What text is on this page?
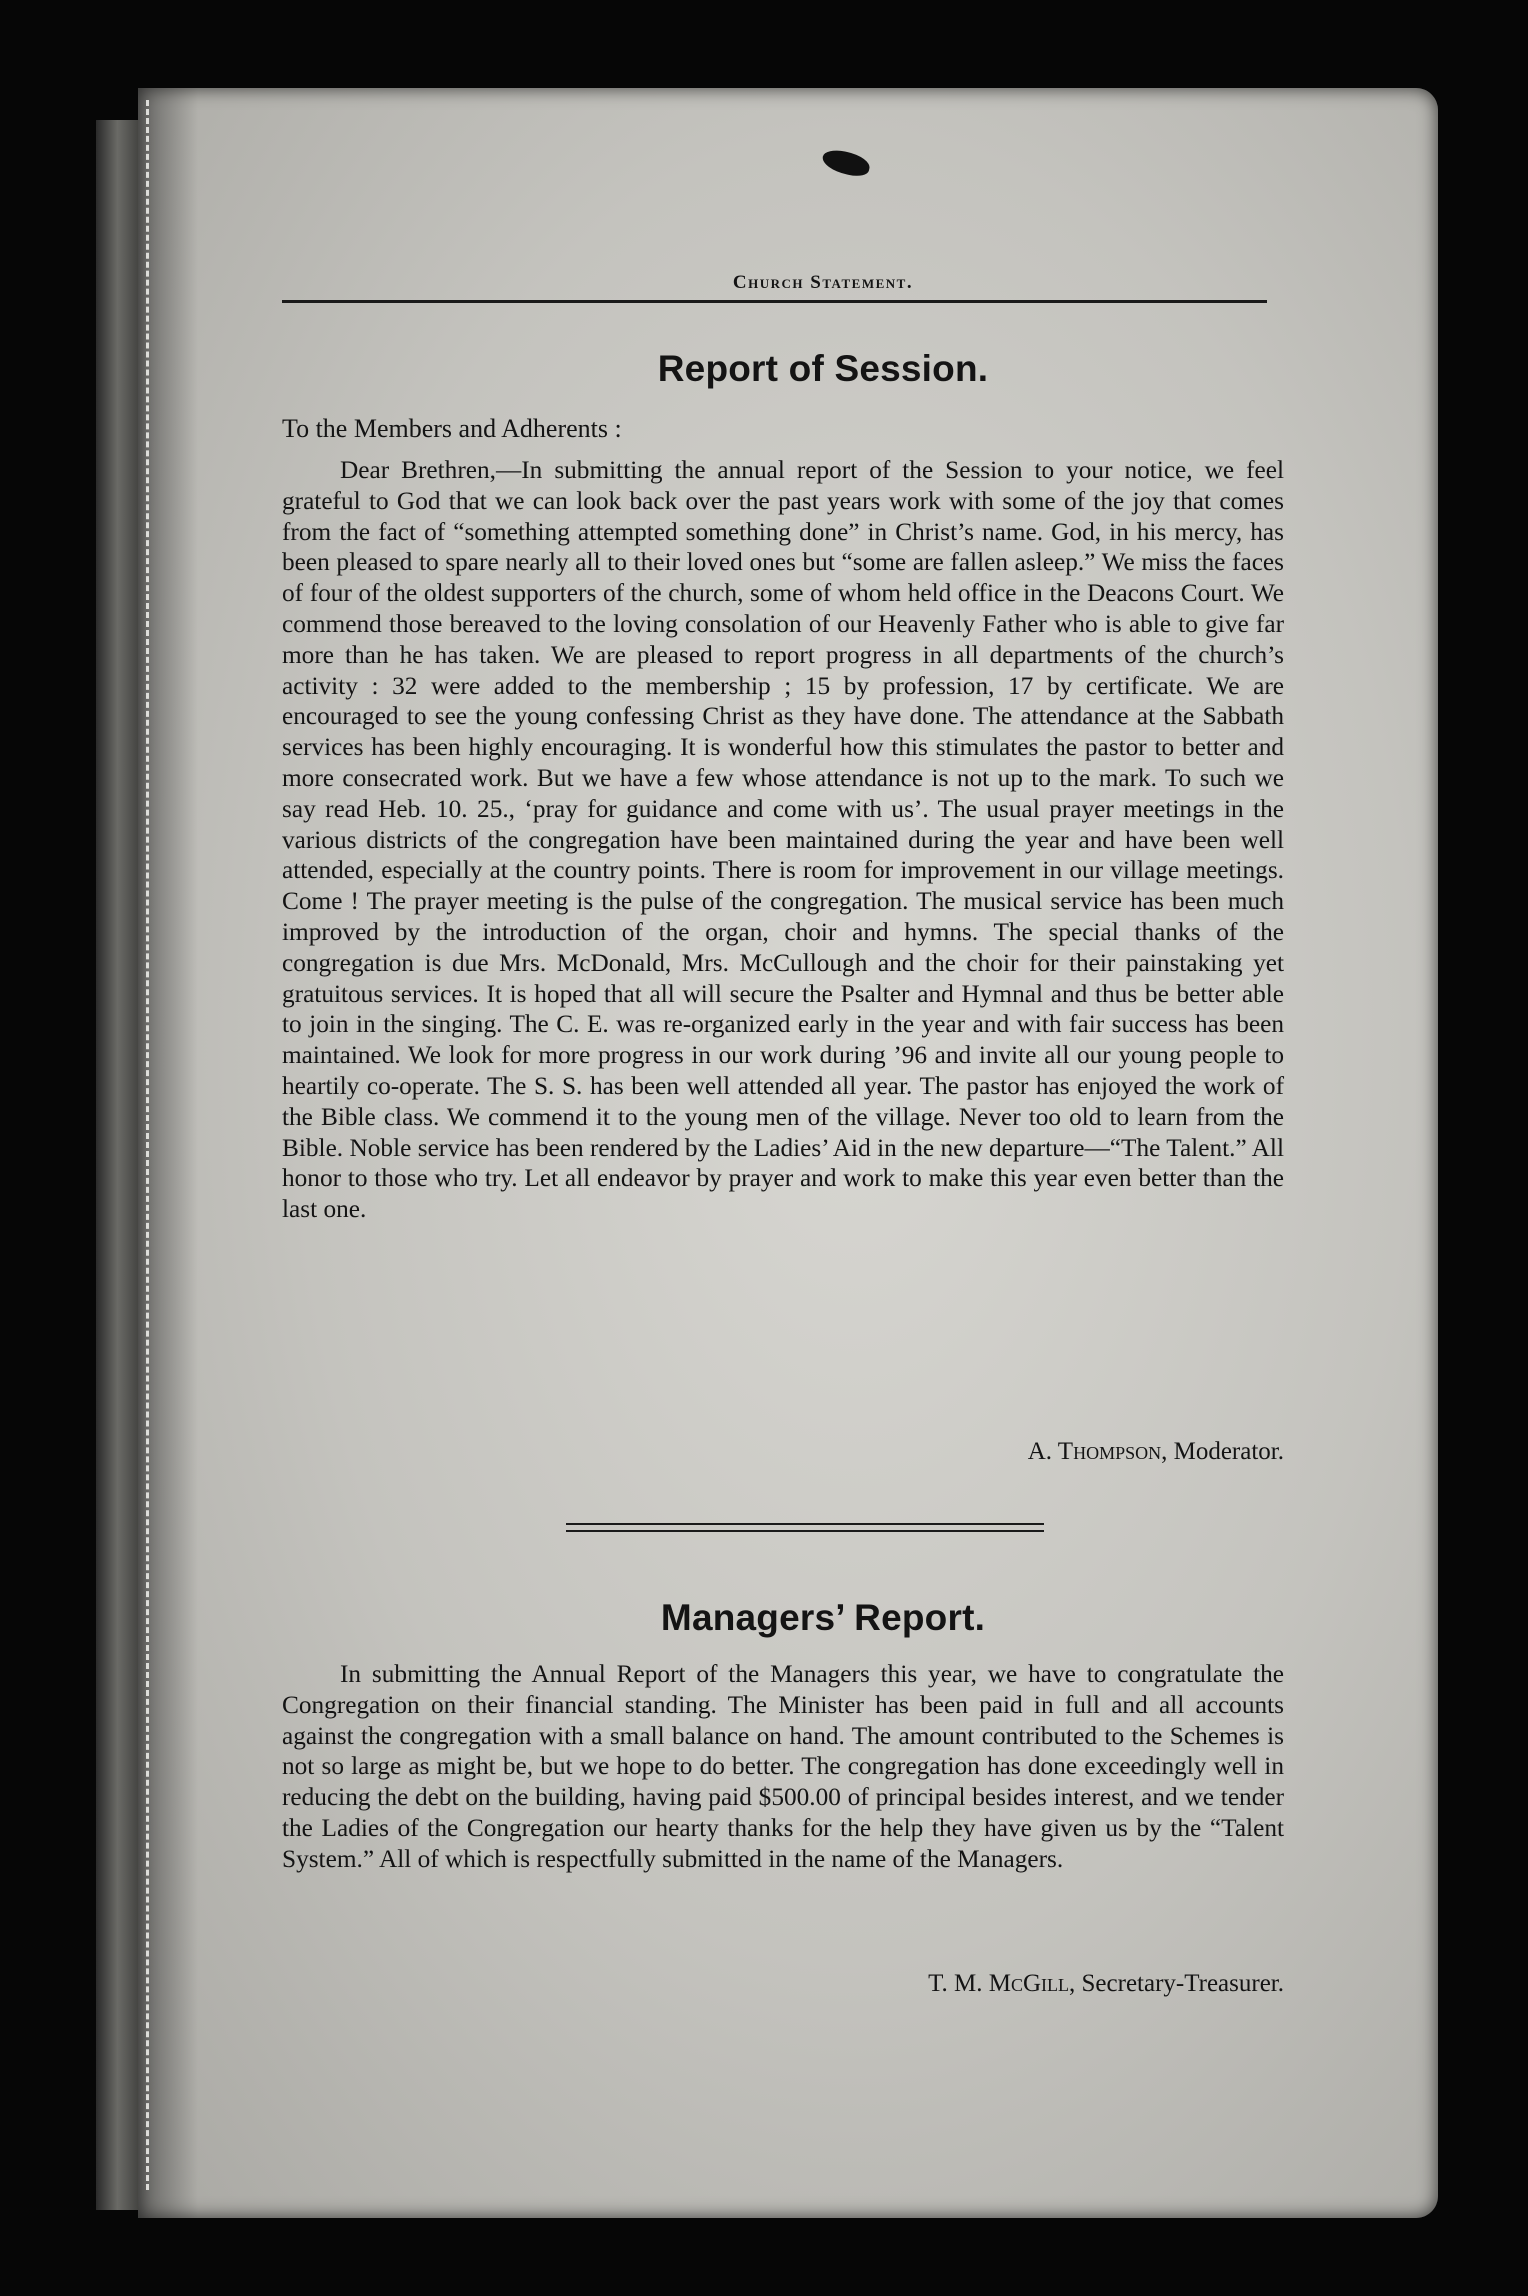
Church Statement.
Report of Session.
To the Members and Adherents :
Dear Brethren,—In submitting the annual report of the Session to your notice, we feel grateful to God that we can look back over the past years work with some of the joy that comes from the fact of “something attempted something done” in Christ’s name. God, in his mercy, has been pleased to spare nearly all to their loved ones but “some are fallen asleep.” We miss the faces of four of the oldest supporters of the church, some of whom held office in the Deacons Court. We commend those bereaved to the loving consolation of our Heavenly Father who is able to give far more than he has taken. We are pleased to report progress in all departments of the church’s activity : 32 were added to the membership ; 15 by profession, 17 by certificate. We are encouraged to see the young confessing Christ as they have done. The attendance at the Sabbath services has been highly encouraging. It is wonderful how this stimulates the pastor to better and more consecrated work. But we have a few whose attendance is not up to the mark. To such we say read Heb. 10. 25., ‘pray for guidance and come with us’. The usual prayer meetings in the various districts of the congregation have been maintained during the year and have been well attended, especially at the country points. There is room for improvement in our village meetings. Come ! The prayer meeting is the pulse of the congregation. The musical service has been much improved by the introduction of the organ, choir and hymns. The special thanks of the congregation is due Mrs. McDonald, Mrs. McCullough and the choir for their painstaking yet gratuitous services. It is hoped that all will secure the Psalter and Hymnal and thus be better able to join in the singing. The C. E. was re-organized early in the year and with fair success has been maintained. We look for more progress in our work during ’96 and invite all our young people to heartily co-operate. The S. S. has been well attended all year. The pastor has enjoyed the work of the Bible class. We commend it to the young men of the village. Never too old to learn from the Bible. Noble service has been rendered by the Ladies’ Aid in the new departure—“The Talent.” All honor to those who try. Let all endeavor by prayer and work to make this year even better than the last one.
A. Thompson, Moderator.
Managers’ Report.
In submitting the Annual Report of the Managers this year, we have to congratulate the Congregation on their financial standing. The Minister has been paid in full and all accounts against the congregation with a small balance on hand. The amount contributed to the Schemes is not so large as might be, but we hope to do better. The congregation has done exceedingly well in reducing the debt on the building, having paid $500.00 of principal besides interest, and we tender the Ladies of the Congregation our hearty thanks for the help they have given us by the “Talent System.” All of which is respectfully submitted in the name of the Managers.
T. M. McGill, Secretary-Treasurer.
